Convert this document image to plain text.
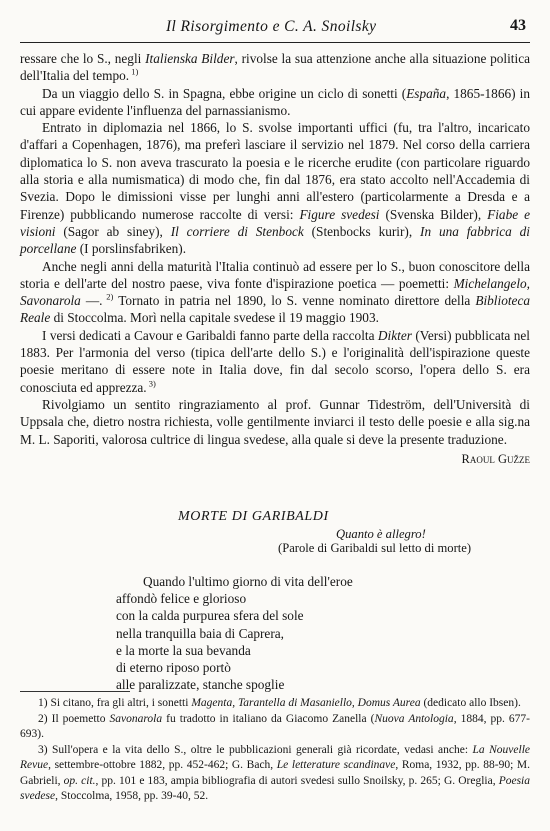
Il Risorgimento e C. A. Snoilsky	43

ressare che lo S., negli Italienska Bilder, rivolse la sua attenzione anche alla situazione politica dell'Italia del tempo. $^{1)}$

Da un viaggio dello S. in Spagna, ebbe origine un ciclo di sonetti (España, 1865-1866) in cui appare evidente l'influenza del parnassianismo.

Entrato in diplomazia nel 1866, lo S. svolse importanti uffici (fu, tra l'altro, incaricato d'affari a Copenhagen, 1876), ma preferì lasciare il servizio nel 1879. Nel corso della carriera diplomatica lo S. non aveva trascurato la poesia e le ricerche erudite (con particolare riguardo alla storia e alla numismatica) di modo che, fin dal 1876, era stato accolto nell'Accademia di Svezia. Dopo le dimissioni visse per lunghi anni all'estero (particolarmente a Dresda e a Firenze) pubblicando numerose raccolte di versi: Figure svedesi (Svenska Bilder), Fiabe e visioni (Sagor ab siney), Il corriere di Stenbock (Stenbocks kurir), In una fabbrica di porcellane (I porslinsfabriken).

Anche negli anni della maturità l'Italia continuò ad essere per lo S., buon conoscitore della storia e dell'arte del nostro paese, viva fonte d'ispirazione poetica — poemetti: Michelangelo, Savonarola —. $^{2)}$ Tornato in patria nel 1890, lo S. venne nominato direttore della Biblioteca Reale di Stoccolma. Morì nella capitale svedese il 19 maggio 1903.

I versi dedicati a Cavour e Garibaldi fanno parte della raccolta Dikter (Versi) pubblicata nel 1883. Per l'armonia del verso (tipica dell'arte dello S.) e l'originalità dell'ispirazione queste poesie meritano di essere note in Italia dove, fin dal secolo scorso, l'opera dello S. era conosciuta ed apprezza. $^{3)}$

Rivolgiamo un sentito ringraziamento al prof. Gunnar Tideström, dell'Università di Uppsala che, dietro nostra richiesta, volle gentilmente inviarci il testo delle poesie e alla sig.na M. L. Saporiti, valorosa cultrice di lingua svedese, alla quale si deve la presente traduzione.

Raoul Gužze

MORTE DI GARIBALDI
Quanto è allegro!
(Parole di Garibaldi sul letto di morte)
Quando l'ultimo giorno di vita dell'eroe
affondò felice e glorioso
con la calda purpurea sfera del sole
nella tranquilla baia di Caprera,
e la morte la sua bevanda
di eterno riposo portò
alle paralizzate, stanche spoglie

1) Si citano, fra gli altri, i sonetti Magenta, Tarantella di Masaniello, Domus Aurea (dedicato allo Ibsen).

2) Il poemetto Savonarola fu tradotto in italiano da Giacomo Zanella (Nuova Antologia, 1884, pp. 677-693).

3) Sull'opera e la vita dello S., oltre le pubblicazioni generali già ricordate, vedasi anche: La Nouvelle Revue, settembre-ottobre 1882, pp. 452-462; G. Bach, Le letterature scandinave, Roma, 1932, pp. 88-90; M. Gabrieli, op. cit., pp. 101 e 183, ampia bibliografia di autori svedesi sullo Snoilsky, p. 265; G. Oreglia, Poesia svedese, Stoccolma, 1958, pp. 39-40, 52.
